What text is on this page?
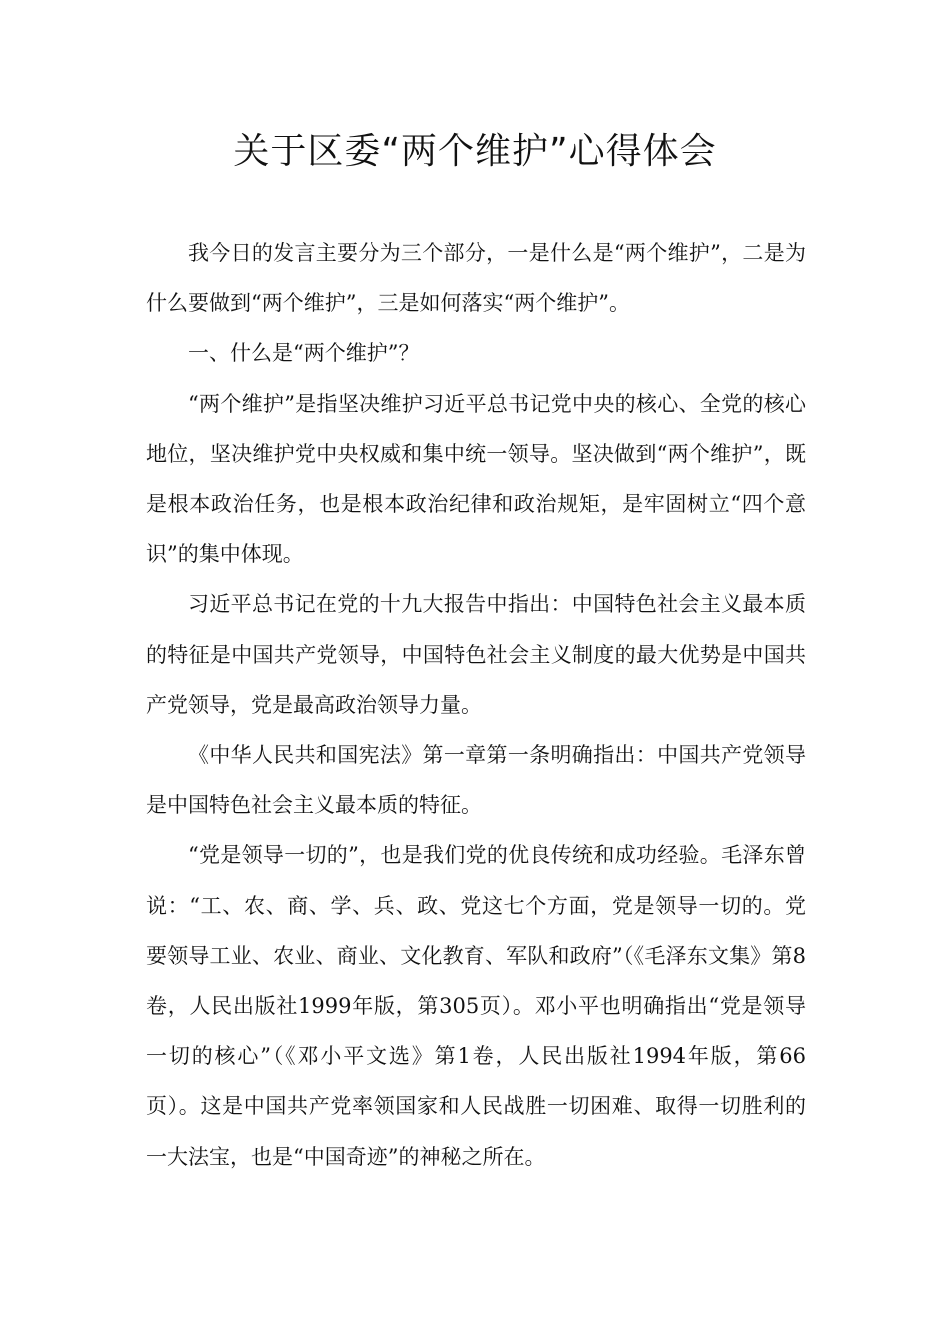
关于区委“两个维护”心得体会

我今日的发言主要分为三个部分，一是什么是“两个维护”，二是为什么要做到“两个维护”，三是如何落实“两个维护”。

一、什么是“两个维护”？

“两个维护”是指坚决维护习近平总书记党中央的核心、全党的核心地位，坚决维护党中央权威和集中统一领导。坚决做到“两个维护”，既是根本政治任务，也是根本政治纪律和政治规矩，是牢固树立“四个意识”的集中体现。

习近平总书记在党的十九大报告中指出：中国特色社会主义最本质的特征是中国共产党领导，中国特色社会主义制度的最大优势是中国共产党领导，党是最高政治领导力量。

《中华人民共和国宪法》第一章第一条明确指出：中国共产党领导是中国特色社会主义最本质的特征。

“党是领导一切的”，也是我们党的优良传统和成功经验。毛泽东曾说：“工、农、商、学、兵、政、党这七个方面，党是领导一切的。党要领导工业、农业、商业、文化教育、军队和政府”（《毛泽东文集》第8卷，人民出版社1999年版，第305页）。邓小平也明确指出“党是领导一切的核心”（《邓小平文选》第1卷，人民出版社1994年版，第66页）。这是中国共产党率领国家和人民战胜一切困难、取得一切胜利的一大法宝，也是“中国奇迹”的神秘之所在。
